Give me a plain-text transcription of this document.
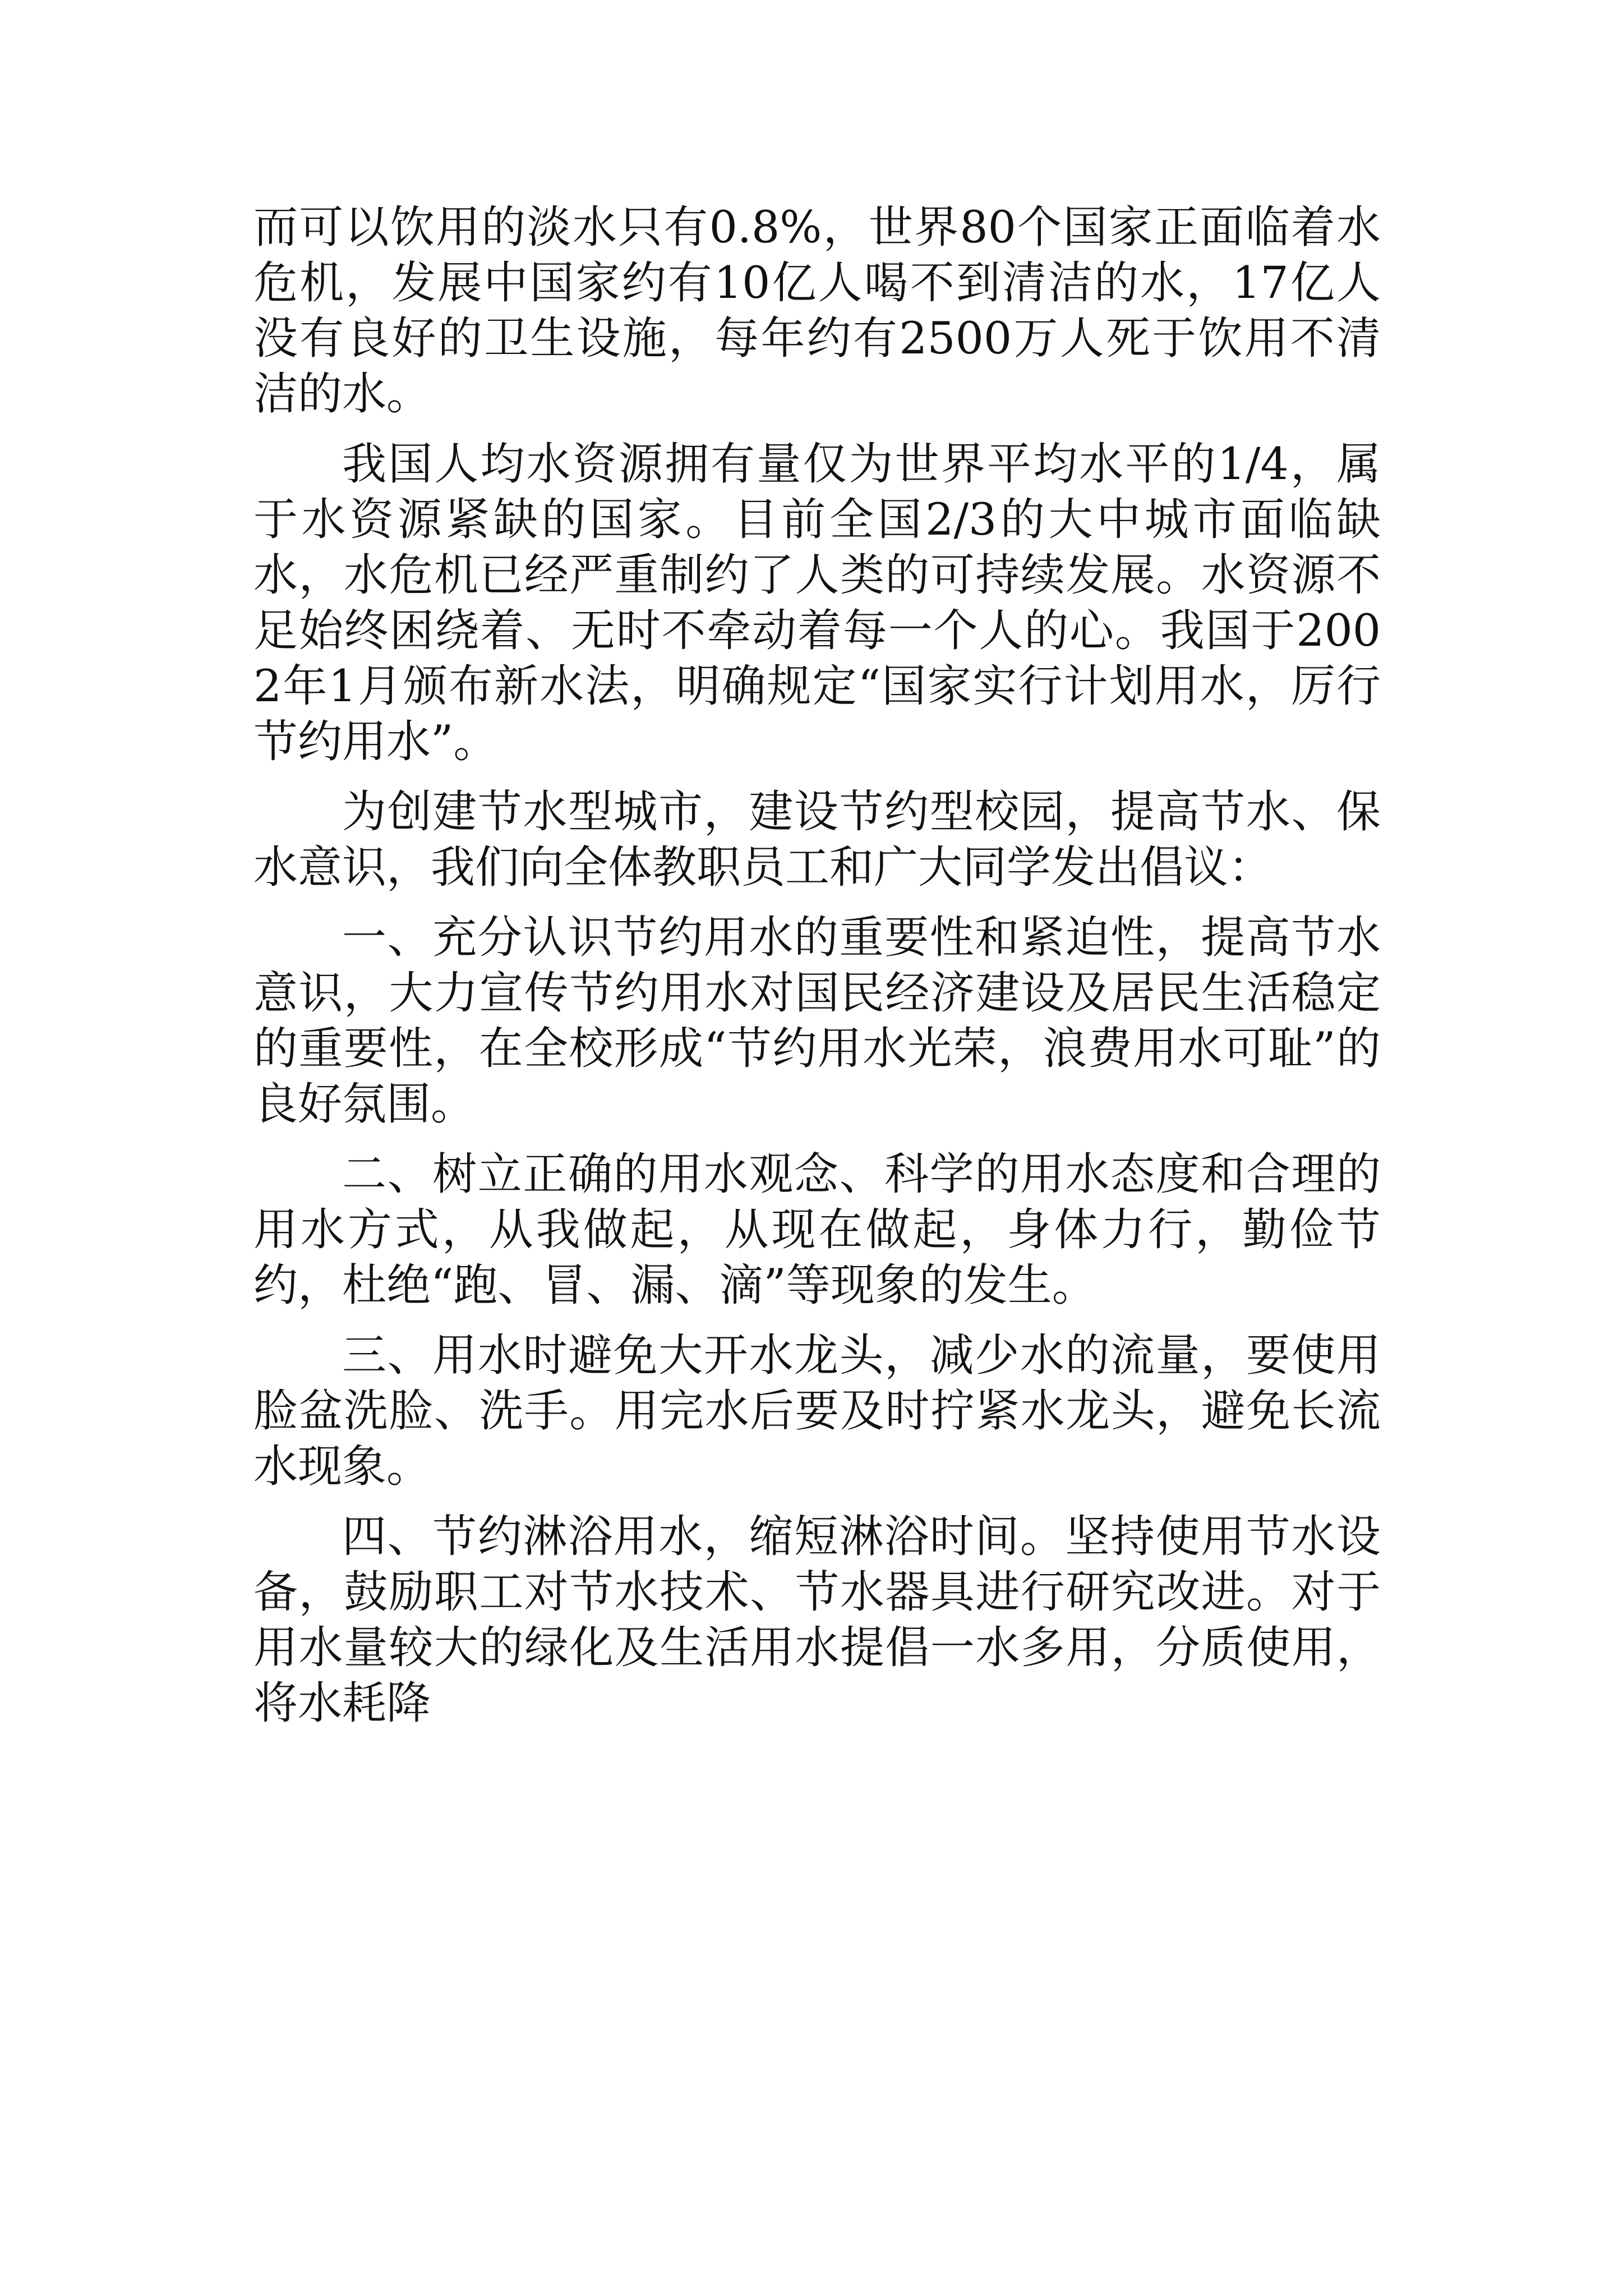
而可以饮用的淡水只有0.8%，世界80个国家正面临着水危机，发展中国家约有10亿人喝不到清洁的水，17亿人没有良好的卫生设施，每年约有2500万人死于饮用不清洁的水。

我国人均水资源拥有量仅为世界平均水平的1/4，属于水资源紧缺的国家。目前全国2/3的大中城市面临缺水，水危机已经严重制约了人类的可持续发展。水资源不足始终困绕着、无时不牵动着每一个人的心。我国于2002年1月颁布新水法，明确规定“国家实行计划用水，厉行节约用水”。

为创建节水型城市，建设节约型校园，提高节水、保水意识，我们向全体教职员工和广大同学发出倡议：

一、充分认识节约用水的重要性和紧迫性，提高节水意识，大力宣传节约用水对国民经济建设及居民生活稳定的重要性，在全校形成“节约用水光荣，浪费用水可耻”的良好氛围。

二、树立正确的用水观念、科学的用水态度和合理的用水方式，从我做起，从现在做起，身体力行，勤俭节约，杜绝“跑、冒、漏、滴”等现象的发生。

三、用水时避免大开水龙头，减少水的流量，要使用脸盆洗脸、洗手。用完水后要及时拧紧水龙头，避免长流水现象。

四、节约淋浴用水，缩短淋浴时间。坚持使用节水设备，鼓励职工对节水技术、节水器具进行研究改进。对于用水量较大的绿化及生活用水提倡一水多用，分质使用，将水耗降
